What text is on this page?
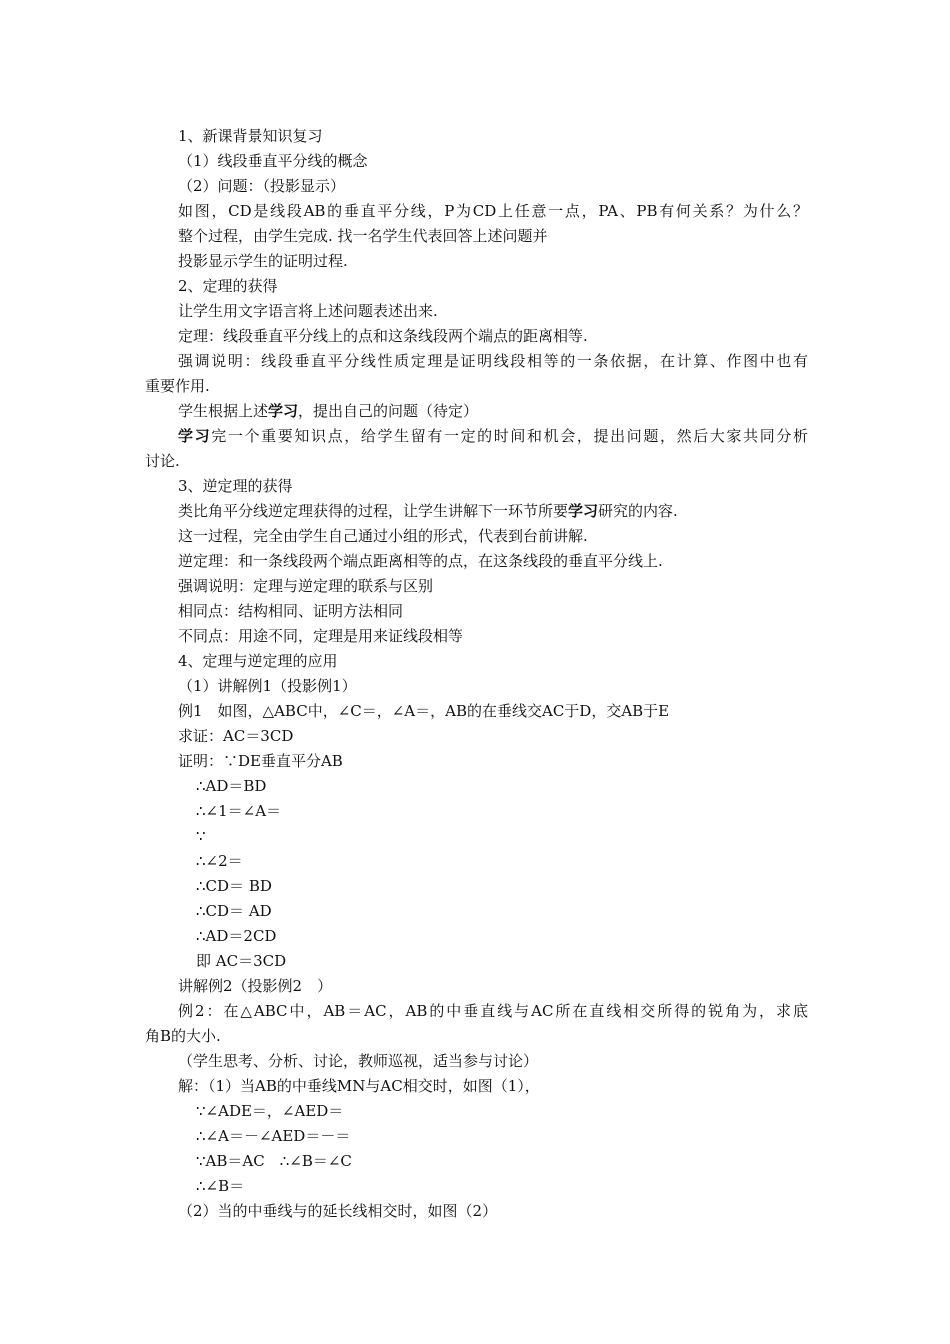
1、新课背景知识复习
（1）线段垂直平分线的概念
（2）问题：（投影显示）
如图，CD是线段AB的垂直平分线，P为CD上任意一点，PA、PB有何关系？为什么？
整个过程，由学生完成. 找一名学生代表回答上述问题并
投影显示学生的证明过程.
2、定理的获得
让学生用文字语言将上述问题表述出来.
定理：线段垂直平分线上的点和这条线段两个端点的距离相等.
强调说明：线段垂直平分线性质定理是证明线段相等的一条依据，在计算、作图中也有
重要作用.
学生根据上述学习，提出自己的问题（待定）
学习完一个重要知识点，给学生留有一定的时间和机会，提出问题，然后大家共同分析
讨论.
3、逆定理的获得
类比角平分线逆定理获得的过程，让学生讲解下一环节所要学习研究的内容.
这一过程，完全由学生自己通过小组的形式，代表到台前讲解.
逆定理：和一条线段两个端点距离相等的点，在这条线段的垂直平分线上.
强调说明：定理与逆定理的联系与区别
相同点：结构相同、证明方法相同
不同点：用途不同，定理是用来证线段相等
4、定理与逆定理的应用
（1）讲解例1（投影例1）
例1　如图，△ABC中，∠C＝，∠A＝，AB的在垂线交AC于D，交AB于E
求证：AC＝3CD
证明：∵DE垂直平分AB
∴AD＝BD
∴∠1＝∠A＝
∵
∴∠2＝
∴CD＝ BD
∴CD＝ AD
∴AD＝2CD
即 AC＝3CD
讲解例2（投影例2　）
例2：在△ABC中，AB＝AC，AB的中垂直线与AC所在直线相交所得的锐角为，求底
角B的大小.
（学生思考、分析、讨论，教师巡视，适当参与讨论）
解：（1）当AB的中垂线MN与AC相交时，如图（1），
∵∠ADE＝，∠AED＝
∴∠A＝－∠AED＝－＝
∵AB＝AC　∴∠B＝∠C
∴∠B＝
（2）当的中垂线与的延长线相交时，如图（2）
